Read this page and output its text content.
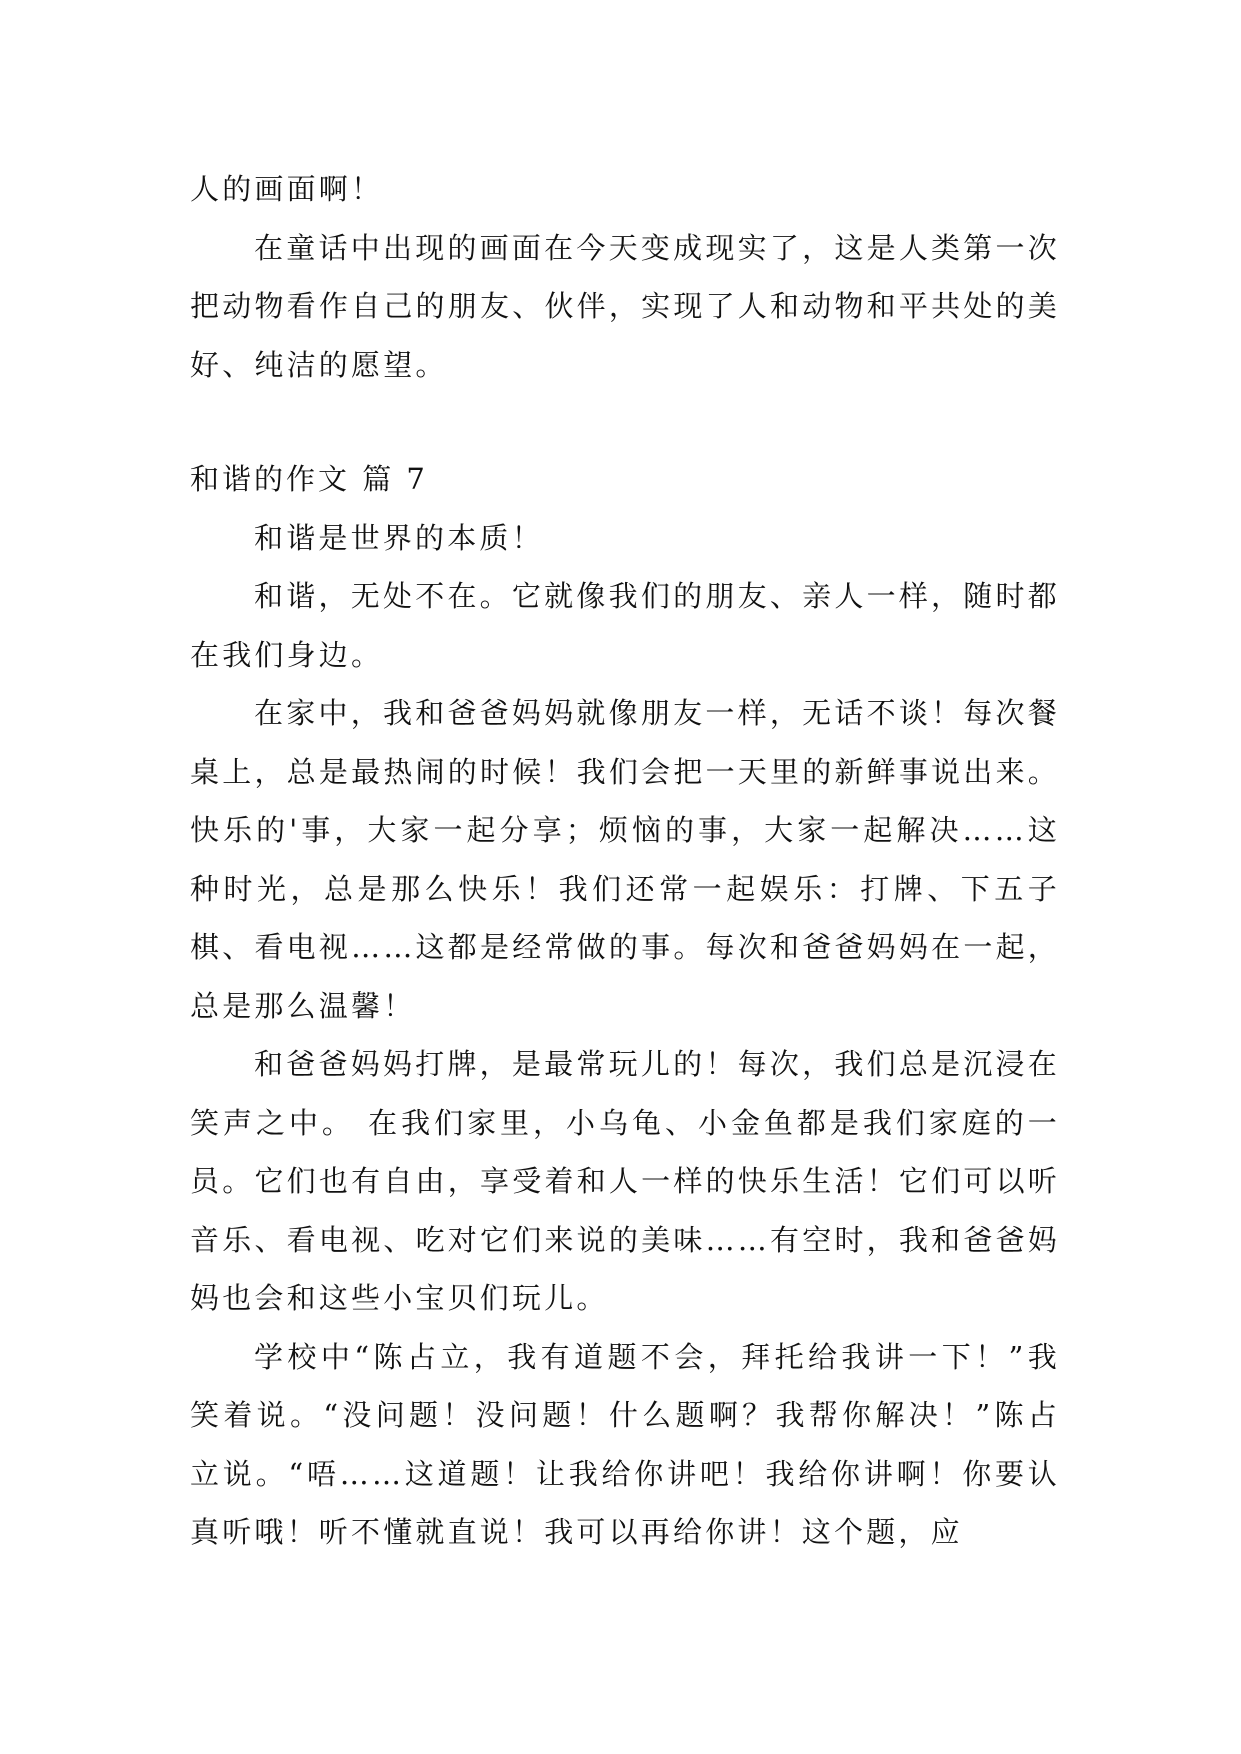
人的画面啊！

在童话中出现的画面在今天变成现实了，这是人类第一次把动物看作自己的朋友、伙伴，实现了人和动物和平共处的美好、纯洁的愿望。

和谐的作文 篇 7

和谐是世界的本质！

和谐，无处不在。它就像我们的朋友、亲人一样，随时都在我们身边。

在家中，我和爸爸妈妈就像朋友一样，无话不谈！每次餐桌上，总是最热闹的时候！我们会把一天里的新鲜事说出来。快乐的'事，大家一起分享；烦恼的事，大家一起解决……这种时光，总是那么快乐！我们还常一起娱乐：打牌、下五子棋、看电视……这都是经常做的事。每次和爸爸妈妈在一起，总是那么温馨！

和爸爸妈妈打牌，是最常玩儿的！每次，我们总是沉浸在笑声之中。 在我们家里，小乌龟、小金鱼都是我们家庭的一员。它们也有自由，享受着和人一样的快乐生活！它们可以听音乐、看电视、吃对它们来说的美味……有空时，我和爸爸妈妈也会和这些小宝贝们玩儿。

学校中“陈占立，我有道题不会，拜托给我讲一下！”我笑着说。“没问题！没问题！什么题啊？我帮你解决！”陈占立说。“唔……这道题！让我给你讲吧！我给你讲啊！你要认真听哦！听不懂就直说！我可以再给你讲！这个题，应
